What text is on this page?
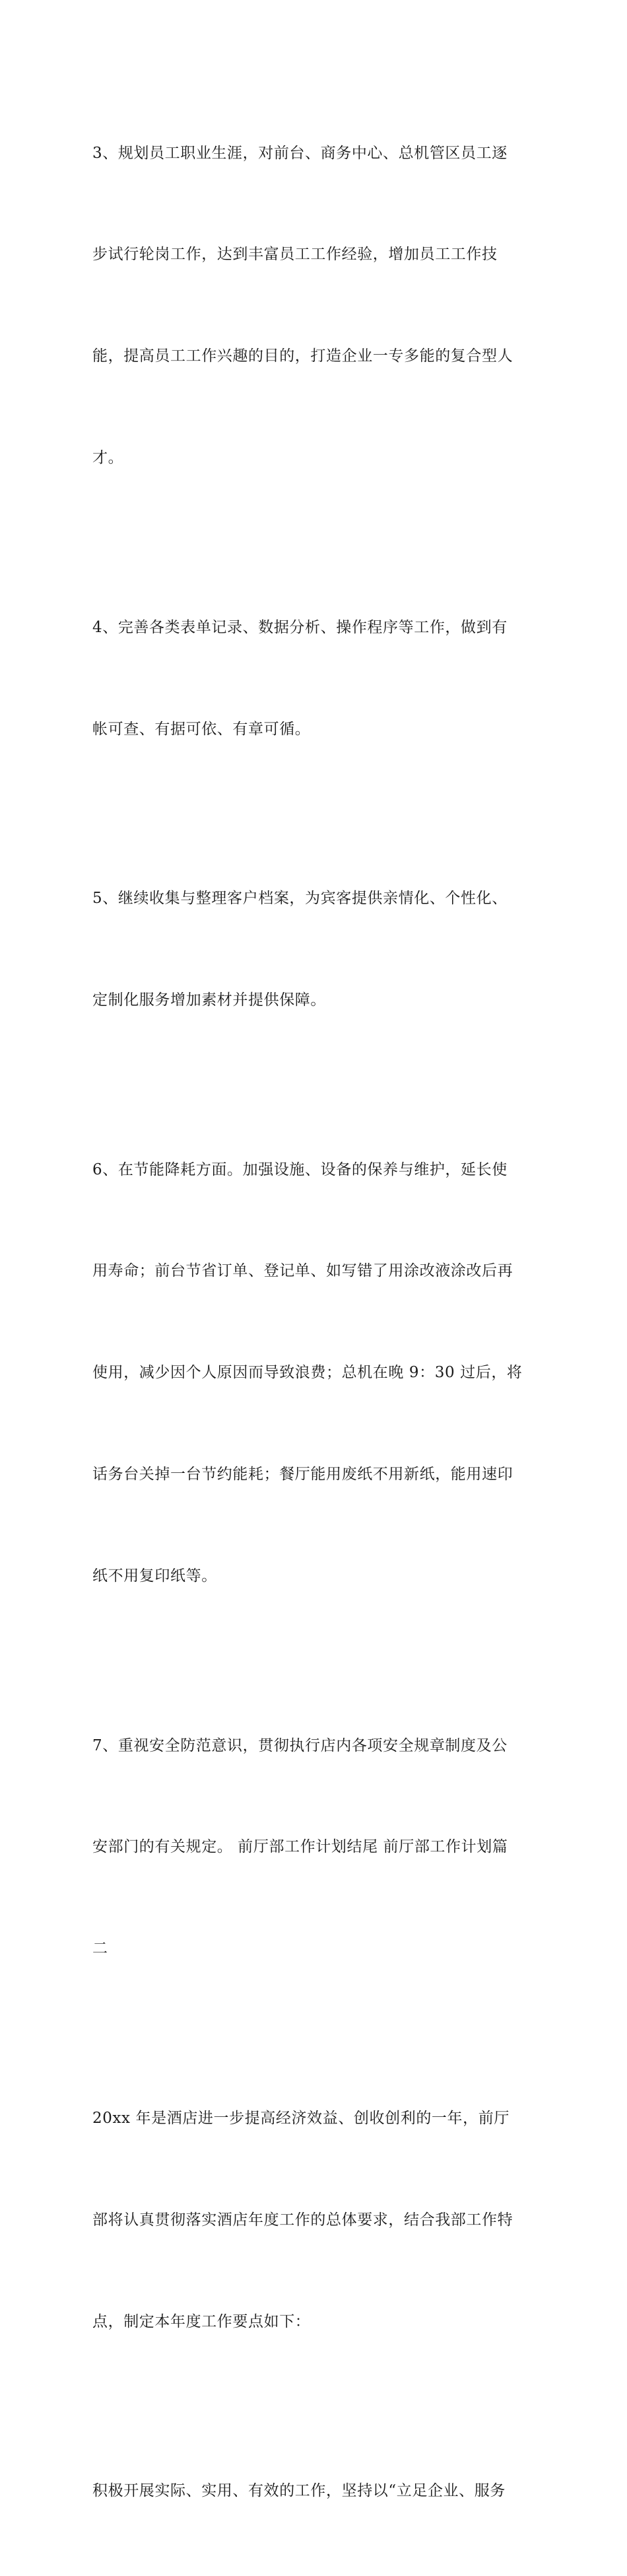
3、规划员工职业生涯，对前台、商务中心、总机管区员工逐

步试行轮岗工作，达到丰富员工工作经验，增加员工工作技

能，提高员工工作兴趣的目的，打造企业一专多能的复合型人

才。

4、完善各类表单记录、数据分析、操作程序等工作，做到有

帐可查、有据可依、有章可循。

5、继续收集与整理客户档案，为宾客提供亲情化、个性化、

定制化服务增加素材并提供保障。

6、在节能降耗方面。加强设施、设备的保养与维护，延长使

用寿命；前台节省订单、登记单、如写错了用涂改液涂改后再

使用，减少因个人原因而导致浪费；总机在晚 9：30 过后，将

话务台关掉一台节约能耗；餐厅能用废纸不用新纸，能用速印

纸不用复印纸等。

7、重视安全防范意识，贯彻执行店内各项安全规章制度及公

安部门的有关规定。 前厅部工作计划结尾 前厅部工作计划篇

二

20xx 年是酒店进一步提高经济效益、创收创利的一年，前厅

部将认真贯彻落实酒店年度工作的总体要求，结合我部工作特

点，制定本年度工作要点如下：

积极开展实际、实用、有效的工作，坚持以“立足企业、服务
